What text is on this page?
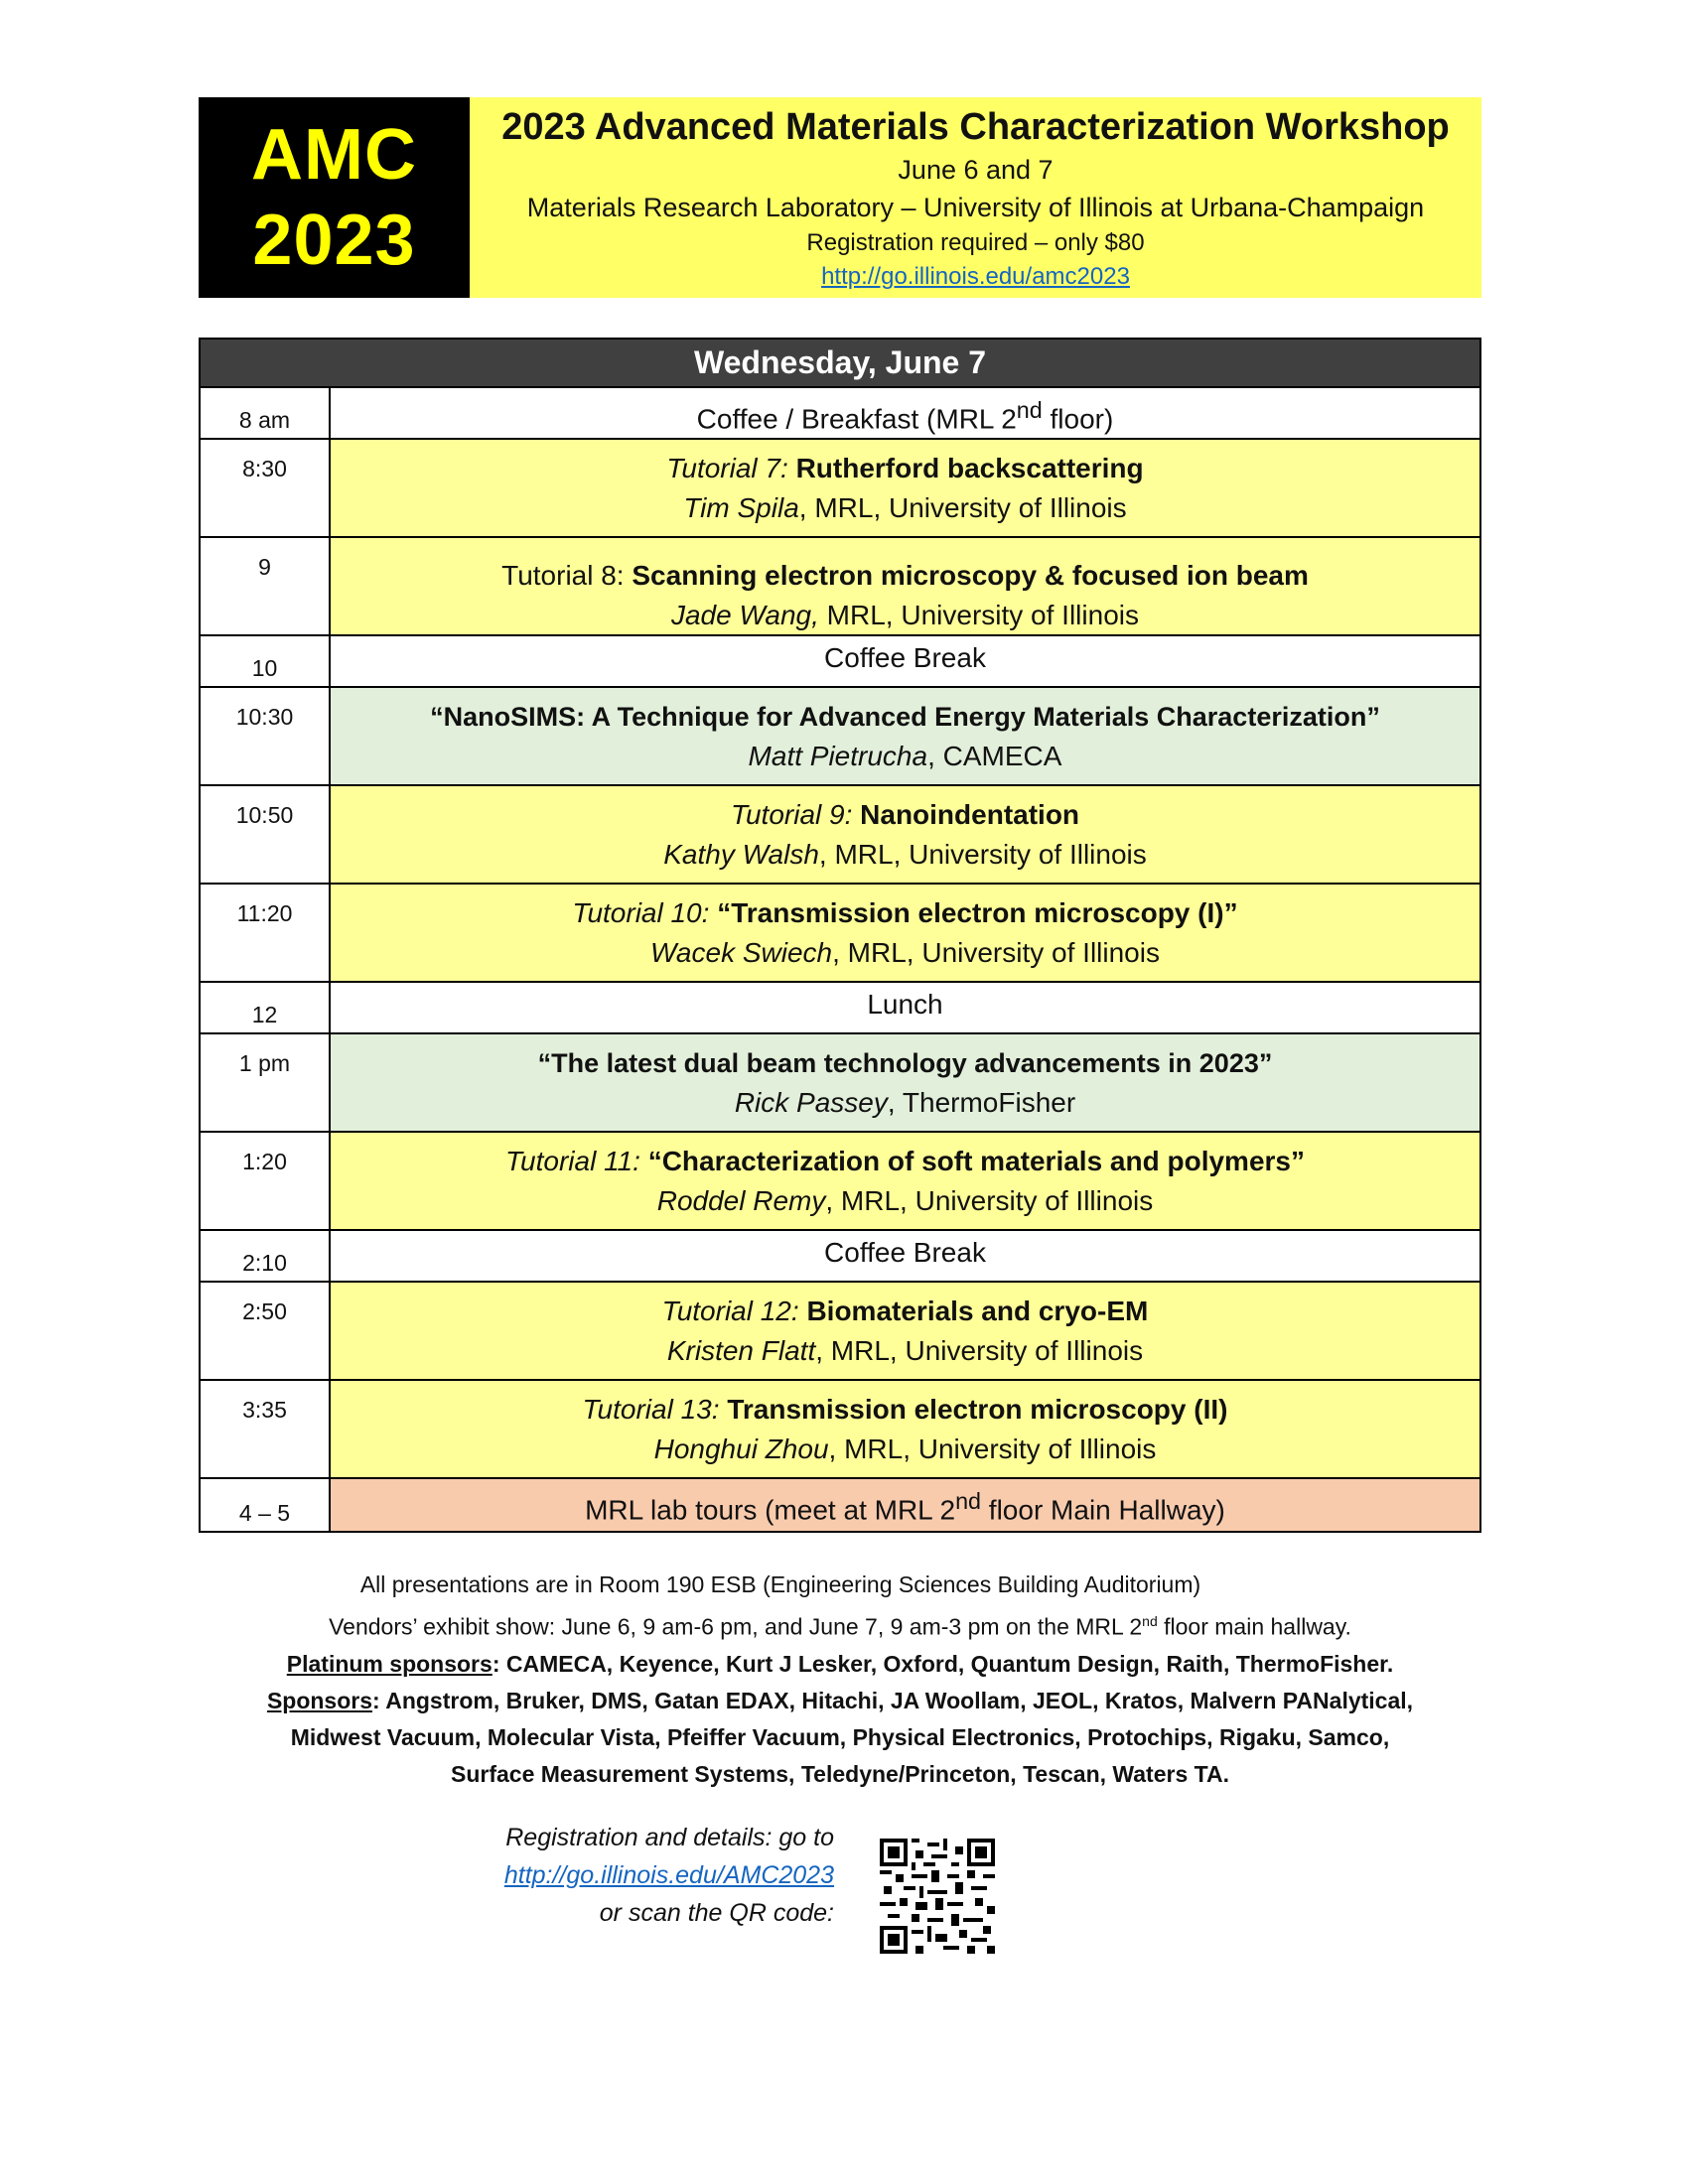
AMC
2023
2023 Advanced Materials Characterization Workshop
June 6 and 7
Materials Research Laboratory – University of Illinois at Urbana-Champaign
Registration required – only $80
http://go.illinois.edu/amc2023
Wednesday, June 7
8 am	Coffee / Breakfast (MRL 2nd floor)
8:30	Tutorial 7: Rutherford backscattering
Tim Spila, MRL, University of Illinois
9	Tutorial 8: Scanning electron microscopy & focused ion beam
Jade Wang, MRL, University of Illinois
10	Coffee Break
10:30	“NanoSIMS: A Technique for Advanced Energy Materials Characterization”
Matt Pietrucha, CAMECA
10:50	Tutorial 9: Nanoindentation
Kathy Walsh, MRL, University of Illinois
11:20	Tutorial 10: “Transmission electron microscopy (I)”
Wacek Swiech, MRL, University of Illinois
12	Lunch
1 pm	“The latest dual beam technology advancements in 2023”
Rick Passey, ThermoFisher
1:20	Tutorial 11: “Characterization of soft materials and polymers”
Roddel Remy, MRL, University of Illinois
2:10	Coffee Break
2:50	Tutorial 12: Biomaterials and cryo-EM
Kristen Flatt, MRL, University of Illinois
3:35	Tutorial 13: Transmission electron microscopy (II)
Honghui Zhou, MRL, University of Illinois
4 – 5	MRL lab tours (meet at MRL 2nd floor Main Hallway)
All presentations are in Room 190 ESB (Engineering Sciences Building Auditorium)
Vendors’ exhibit show: June 6, 9 am-6 pm, and June 7, 9 am-3 pm on the MRL 2nd floor main hallway.
Platinum sponsors: CAMECA, Keyence, Kurt J Lesker, Oxford, Quantum Design, Raith, ThermoFisher.
Sponsors: Angstrom, Bruker, DMS, Gatan EDAX, Hitachi, JA Woollam, JEOL, Kratos, Malvern PANalytical,
Midwest Vacuum, Molecular Vista, Pfeiffer Vacuum, Physical Electronics, Protochips, Rigaku, Samco,
Surface Measurement Systems, Teledyne/Princeton, Tescan, Waters TA.
Registration and details: go to
http://go.illinois.edu/AMC2023
or scan the QR code:
